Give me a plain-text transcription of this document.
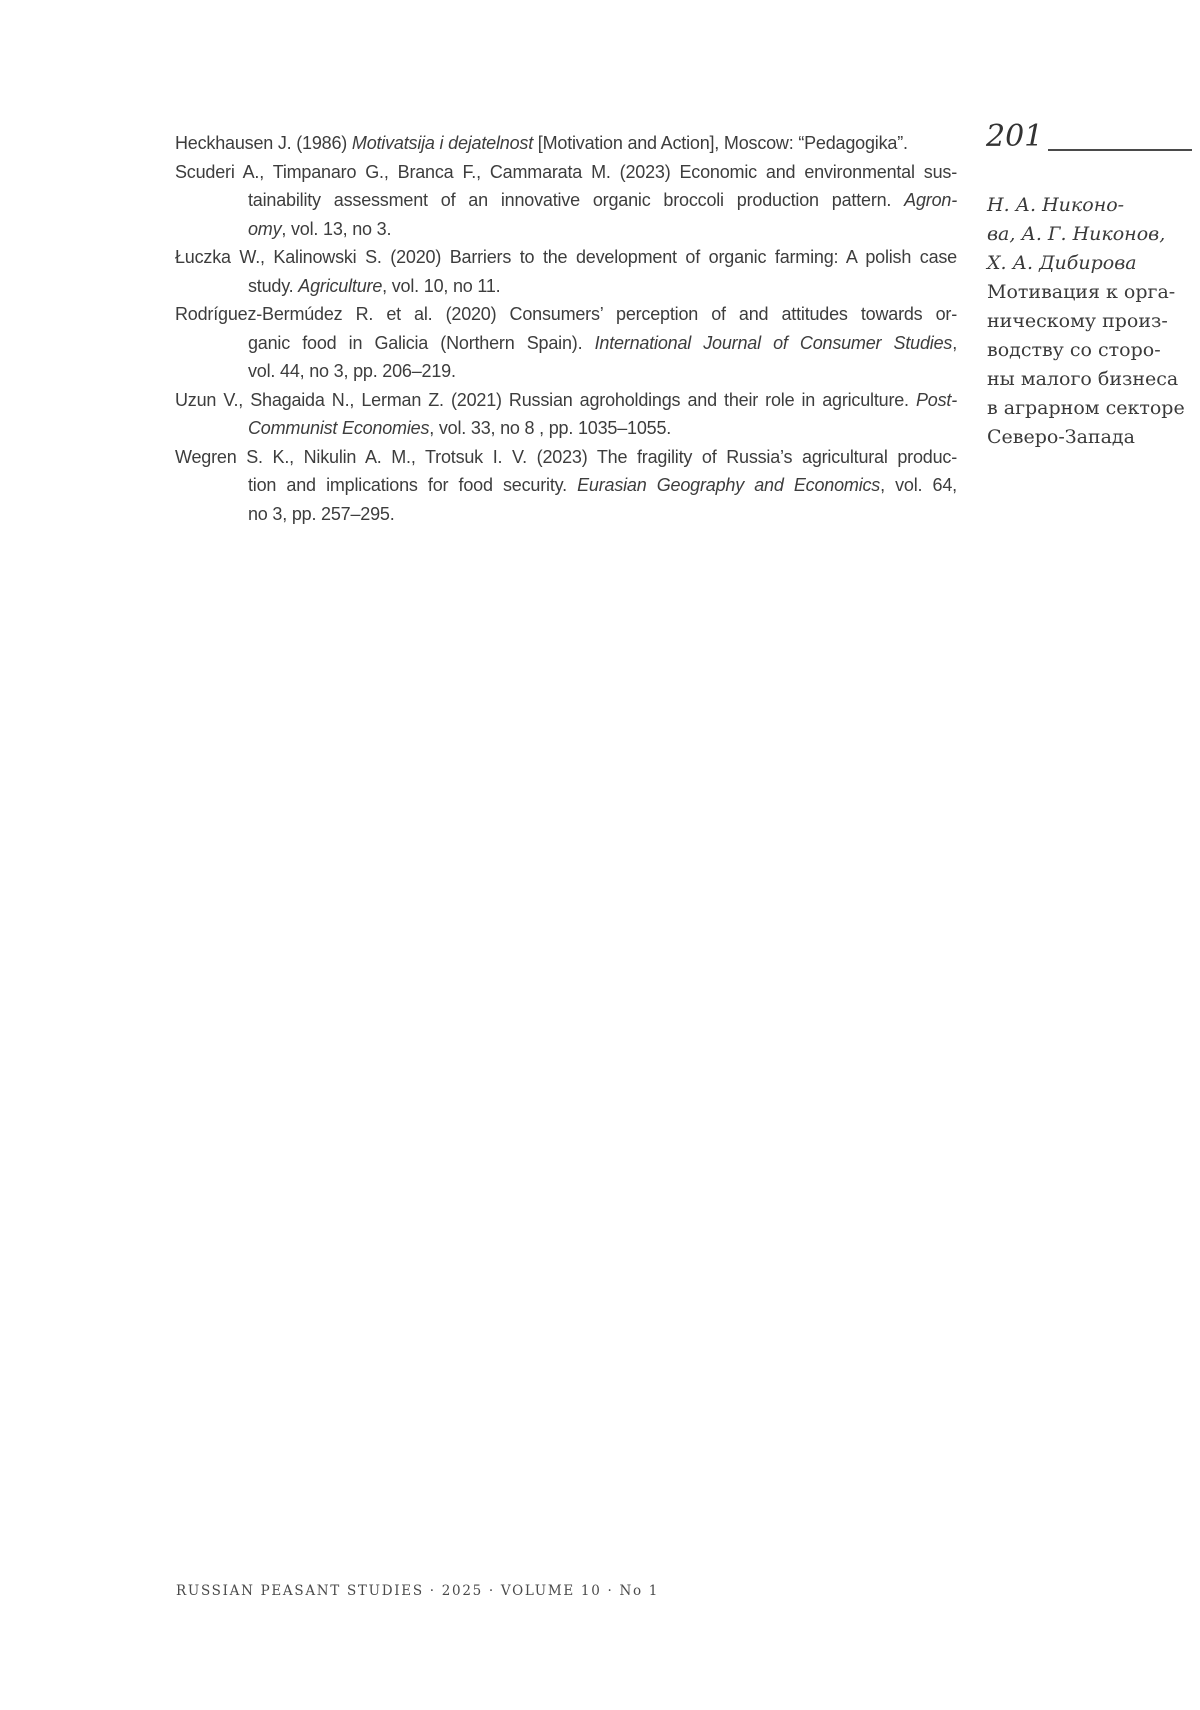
Heckhausen J. (1986) Motivatsija i dejatelnost [Motivation and Action], Moscow: “Pedagogika”.
Scuderi A., Timpanaro G., Branca F., Cammarata M. (2023) Economic and environmental sus-
tainability assessment of an innovative organic broccoli production pattern. Agron-
omy, vol. 13, no 3.
Łuczka W., Kalinowski S. (2020) Barriers to the development of organic farming: A polish case
study. Agriculture, vol. 10, no 11.
Rodríguez-Bermúdez R. et al. (2020) Consumers’ perception of and attitudes towards or-
ganic food in Galicia (Northern Spain). International Journal of Consumer Studies,
vol. 44, no 3, pp. 206–219.
Uzun V., Shagaida N., Lerman Z. (2021) Russian agroholdings and their role in agriculture. Post-
Communist Economies, vol. 33, no 8 , pp. 1035–1055.
Wegren S. K., Nikulin A. M., Trotsuk I. V. (2023) The fragility of Russia’s agricultural produc-
tion and implications for food security. Eurasian Geography and Economics, vol. 64,
no 3, pp. 257–295.
201
Н. А. Никоно-
ва, А. Г. Никонов,
Х. А. Дибирова
Мотивация к орга-
ническому произ-
водству со сторо-
ны малого бизнеса
в аграрном секторе
Северо-Запада
RUSSIAN PEASANT STUDIES · 2025 · VOLUME 10 · No 1
